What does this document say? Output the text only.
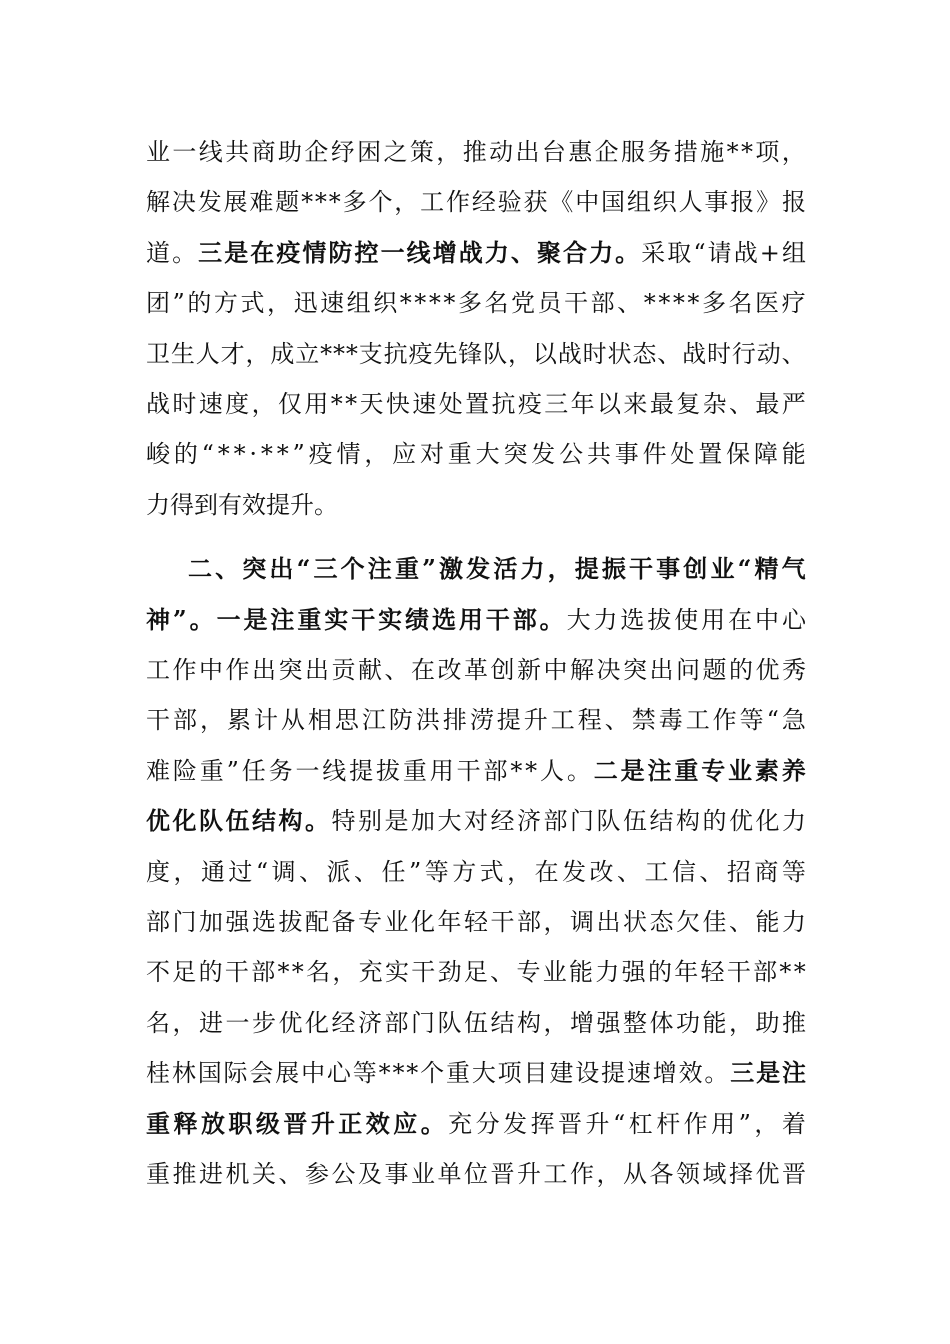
业 一 线 共 商 助 企 纾 困 之 策 ， 推 动 出 台 惠 企 服 务 措 施 * * 项 ，
解 决 发 展 难 题 * * * 多 个 ， 工 作 经 验 获 《 中 国 组 织 人 事 报 》 报
道 。 三 是 在 疫 情 防 控 一 线 增 战 力 、 聚 合 力 。 采 取 “ 请 战 + 组
团 ” 的 方 式 ， 迅 速 组 织 * * * * 多 名 党 员 干 部 、 * * * * 多 名 医 疗
卫 生 人 才 ， 成 立 * * * 支 抗 疫 先 锋 队 ， 以 战 时 状 态 、 战 时 行 动 、
战 时 速 度 ， 仅 用 * * 天 快 速 处 置 抗 疫 三 年 以 来 最 复 杂 、 最 严
峻 的 “ * * · * * ” 疫 情 ， 应 对 重 大 突 发 公 共 事 件 处 置 保 障 能
力 得 到 有 效 提 升 。
二 、 突 出 “ 三 个 注 重 ” 激 发 活 力 ， 提 振 干 事 创 业 “ 精 气
神 ” 。 一 是 注 重 实 干 实 绩 选 用 干 部 。 大 力 选 拔 使 用 在 中 心
工 作 中 作 出 突 出 贡 献 、 在 改 革 创 新 中 解 决 突 出 问 题 的 优 秀
干 部 ， 累 计 从 相 思 江 防 洪 排 涝 提 升 工 程 、 禁 毒 工 作 等 “ 急
难 险 重 ” 任 务 一 线 提 拔 重 用 干 部 * * 人 。 二 是 注 重 专 业 素 养
优 化 队 伍 结 构 。 特 别 是 加 大 对 经 济 部 门 队 伍 结 构 的 优 化 力
度 ， 通 过 “ 调 、 派 、 任 ” 等 方 式 ， 在 发 改 、 工 信 、 招 商 等
部 门 加 强 选 拔 配 备 专 业 化 年 轻 干 部 ， 调 出 状 态 欠 佳 、 能 力
不 足 的 干 部 * * 名 ， 充 实 干 劲 足 、 专 业 能 力 强 的 年 轻 干 部 * *
名 ， 进 一 步 优 化 经 济 部 门 队 伍 结 构 ， 增 强 整 体 功 能 ， 助 推
桂 林 国 际 会 展 中 心 等 * * * 个 重 大 项 目 建 设 提 速 增 效 。 三 是 注
重 释 放 职 级 晋 升 正 效 应 。 充 分 发 挥 晋 升 “ 杠 杆 作 用 ” ， 着
重 推 进 机 关 、 参 公 及 事 业 单 位 晋 升 工 作 ， 从 各 领 域 择 优 晋
